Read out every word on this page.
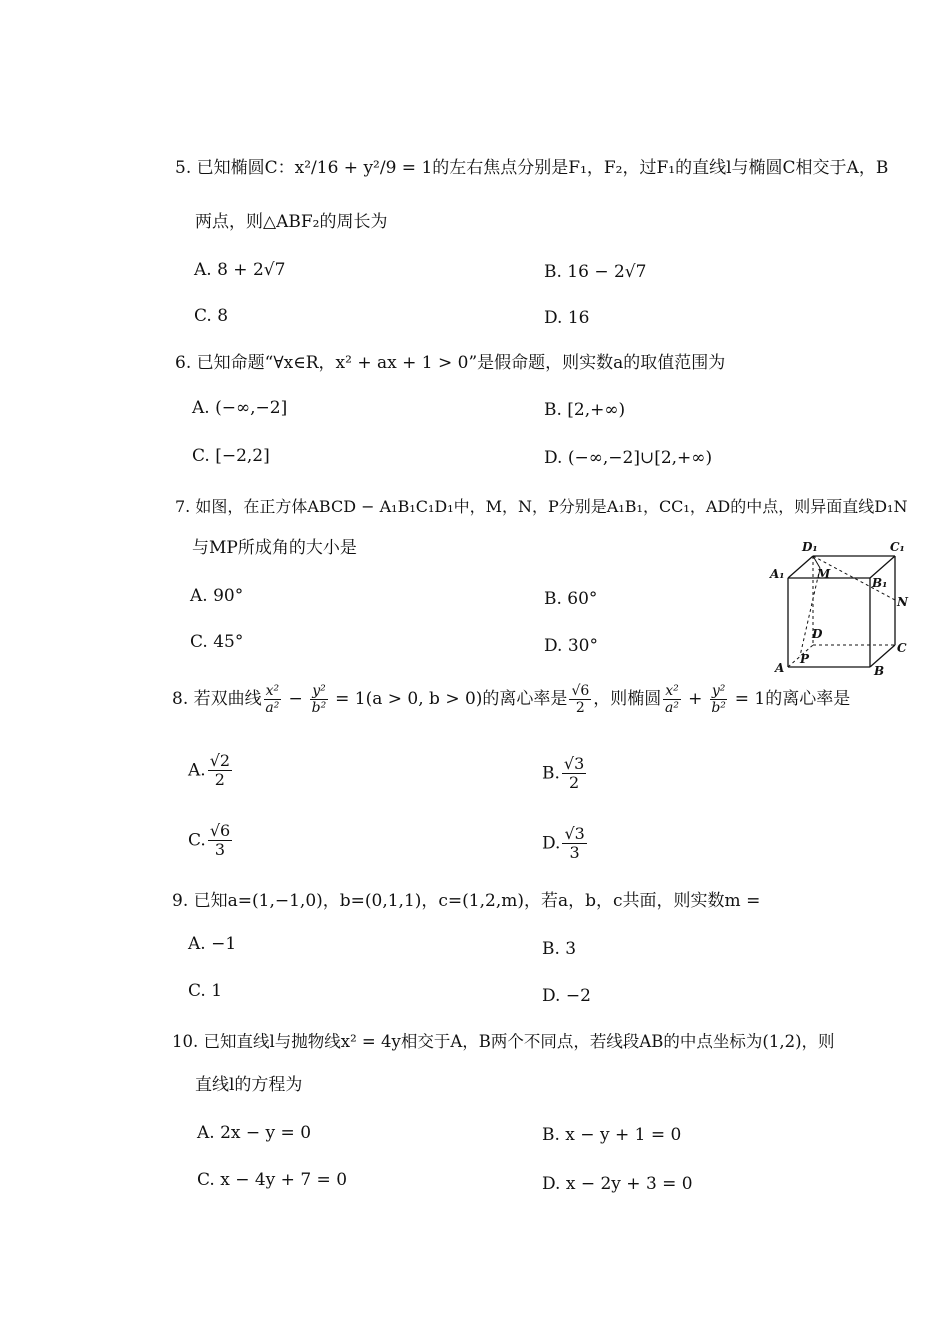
5. 已知椭圆C：x²/16 + y²/9 = 1的左右焦点分别是F₁，F₂，过F₁的直线l与椭圆C相交于A，B
两点，则△ABF₂的周长为
A. 8 + 2√7	B. 16 − 2√7
C. 8	D. 16
6. 已知命题“∀x∈R，x² + ax + 1 > 0”是假命题，则实数a的取值范围为
A. (−∞,−2]	B. [2,+∞)
C. [−2,2]	D. (−∞,−2]∪[2,+∞)
7. 如图，在正方体ABCD − A₁B₁C₁D₁中，M，N，P分别是A₁B₁，CC₁，AD的中点，则异面直线D₁N
与MP所成角的大小是
A. 90°	B. 60°
C. 45°	D. 30°
D₁	C₁
A₁	M
B₁
N
D
C
A
P
B
8. 若双曲线 $\frac{\text{x²}}{\text{a²}} - \frac{\text{y²}}{\text{b²}} = 1(a > 0$, b > 0)的离心率是 $\frac{√6}{2}$ ，则椭圆 $\frac{\text{x²}}{\text{a²}} + \frac{\text{y²}}{\text{b²}} = 1$的离心率是
A. $\frac{√2}{2}$	B. $\frac{√3}{2}$
C. $\frac{√6}{3}$	D. $\frac{√3}{3}$
9. 已知a=(1,−1,0)，b=(0,1,1)，c=(1,2,m)，若a，b，c共面，则实数m =
A. −1	B. 3
C. 1	D. −2
10. 已知直线l与抛物线x² = 4y相交于A，B两个不同点，若线段AB的中点坐标为(1,2)，则
直线l的方程为
A. 2x − y = 0	B. x − y + 1 = 0
C. x − 4y + 7 = 0	D. x − 2y + 3 = 0
